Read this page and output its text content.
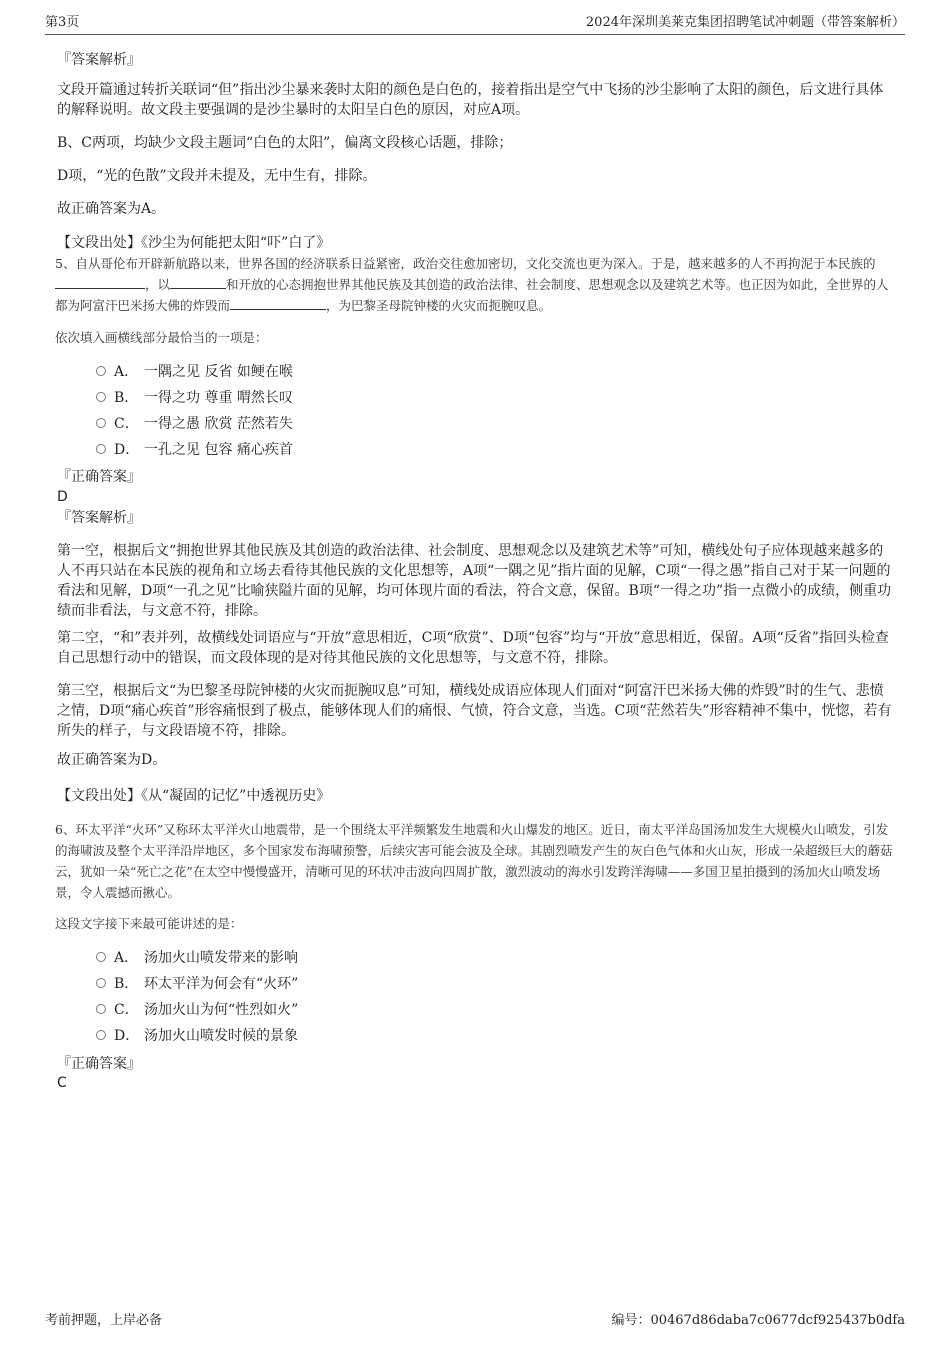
第3页	2024年深圳美莱克集团招聘笔试冲刺题（带答案解析）
『答案解析』
文段开篇通过转折关联词“但”指出沙尘暴来袭时太阳的颜色是白色的，接着指出是空气中飞扬的沙尘影响了太阳的颜色，后文进行具体的解释说明。故文段主要强调的是沙尘暴时的太阳呈白色的原因，对应A项。
B、C两项，均缺少文段主题词“白色的太阳”，偏离文段核心话题，排除；
D项，“光的色散”文段并未提及，无中生有，排除。
故正确答案为A。
【文段出处】《沙尘为何能把太阳“吓”白了》
5、自从哥伦布开辟新航路以来，世界各国的经济联系日益紧密，政治交往愈加密切，文化交流也更为深入。于是，越来越多的人不再拘泥于本民族的，以	和开放的心态拥抱世界其他民族及其创造的政治法律、社会制度、思想观念以及建筑艺术等。也正因为如此，全世界的人都为阿富汗巴米扬大佛的炸毁而	，为巴黎圣母院钟楼的火灾而扼腕叹息。
依次填入画横线部分最恰当的一项是：
A． 一隅之见 反省 如鲠在喉
B． 一得之功 尊重 喟然长叹
C． 一得之愚 欣赏 茫然若失
D． 一孔之见 包容 痛心疾首
『正确答案』
D
『答案解析』
第一空，根据后文“拥抱世界其他民族及其创造的政治法律、社会制度、思想观念以及建筑艺术等”可知，横线处句子应体现越来越多的人不再只站在本民族的视角和立场去看待其他民族的文化思想等，A项“一隅之见”指片面的见解，C项“一得之愚”指自己对于某一问题的看法和见解，D项“一孔之见”比喻狭隘片面的见解，均可体现片面的看法，符合文意，保留。B项“一得之功”指一点微小的成绩，侧重功绩而非看法，与文意不符，排除。
第二空，“和”表并列，故横线处词语应与“开放”意思相近，C项“欣赏”、D项“包容”均与“开放”意思相近，保留。A项“反省”指回头检查自己思想行动中的错误，而文段体现的是对待其他民族的文化思想等，与文意不符，排除。
第三空，根据后文“为巴黎圣母院钟楼的火灾而扼腕叹息”可知，横线处成语应体现人们面对“阿富汗巴米扬大佛的炸毁”时的生气、悲愤之情，D项“痛心疾首”形容痛恨到了极点，能够体现人们的痛恨、气愤，符合文意，当选。C项“茫然若失”形容精神不集中，恍惚，若有所失的样子，与文段语境不符，排除。
故正确答案为D。
【文段出处】《从“凝固的记忆”中透视历史》
6、环太平洋“火环”又称环太平洋火山地震带，是一个围绕太平洋频繁发生地震和火山爆发的地区。近日，南太平洋岛国汤加发生大规模火山喷发，引发的海啸波及整个太平洋沿岸地区，多个国家发布海啸预警，后续灾害可能会波及全球。其剧烈喷发产生的灰白色气体和火山灰，形成一朵超级巨大的蘑菇云，犹如一朵“死亡之花”在太空中慢慢盛开，清晰可见的环状冲击波向四周扩散，激烈波动的海水引发跨洋海啸——多国卫星拍摄到的汤加火山喷发场景，令人震撼而揪心。
这段文字接下来最可能讲述的是：
A． 汤加火山喷发带来的影响
B． 环太平洋为何会有“火环”
C． 汤加火山为何“性烈如火”
D． 汤加火山喷发时候的景象
『正确答案』
C
考前押题，上岸必备	编号：00467d86daba7c0677dcf925437b0dfa
